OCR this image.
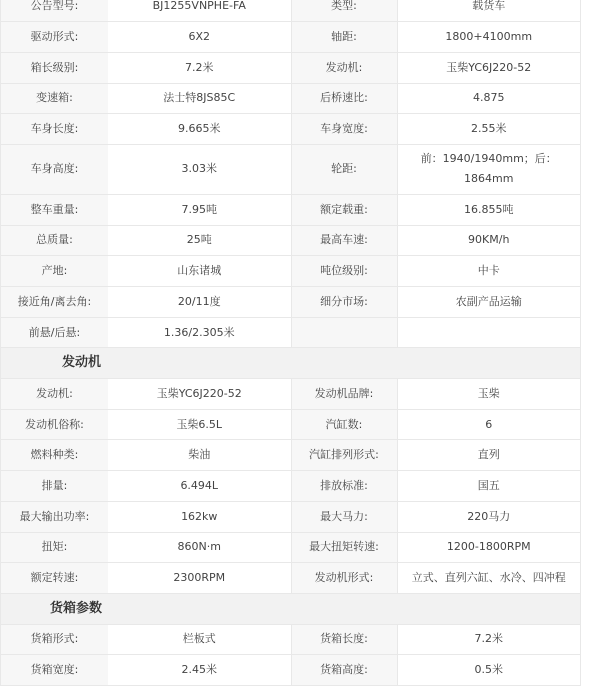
公告型号:	BJ1255VNPHE-FA	类型:	载货车
驱动形式:	6X2	轴距:	1800+4100mm
箱长级别:	7.2米	发动机:	玉柴YC6J220-52
变速箱:	法士特8JS85C	后桥速比:	4.875
车身长度:	9.665米	车身宽度:	2.55米
车身高度:	3.03米	轮距:	前：1940/1940mm；后：1864mm
整车重量:	7.95吨	额定载重:	16.855吨
总质量:	25吨	最高车速:	90KM/h
产地:	山东诸城	吨位级别:	中卡
接近角/离去角:	20/11度	细分市场:	农副产品运输
前悬/后悬:	1.36/2.305米		
发动机			
发动机:	玉柴YC6J220-52	发动机品牌:	玉柴
发动机俗称:	玉柴6.5L	汽缸数:	6
燃料种类:	柴油	汽缸排列形式:	直列
排量:	6.494L	排放标准:	国五
最大输出功率:	162kw	最大马力:	220马力
扭矩:	860N·m	最大扭矩转速:	1200-1800RPM
额定转速:	2300RPM	发动机形式:	立式、直列六缸、水冷、四冲程
货箱参数			
货箱形式:	栏板式	货箱长度:	7.2米
货箱宽度:	2.45米	货箱高度:	0.5米
